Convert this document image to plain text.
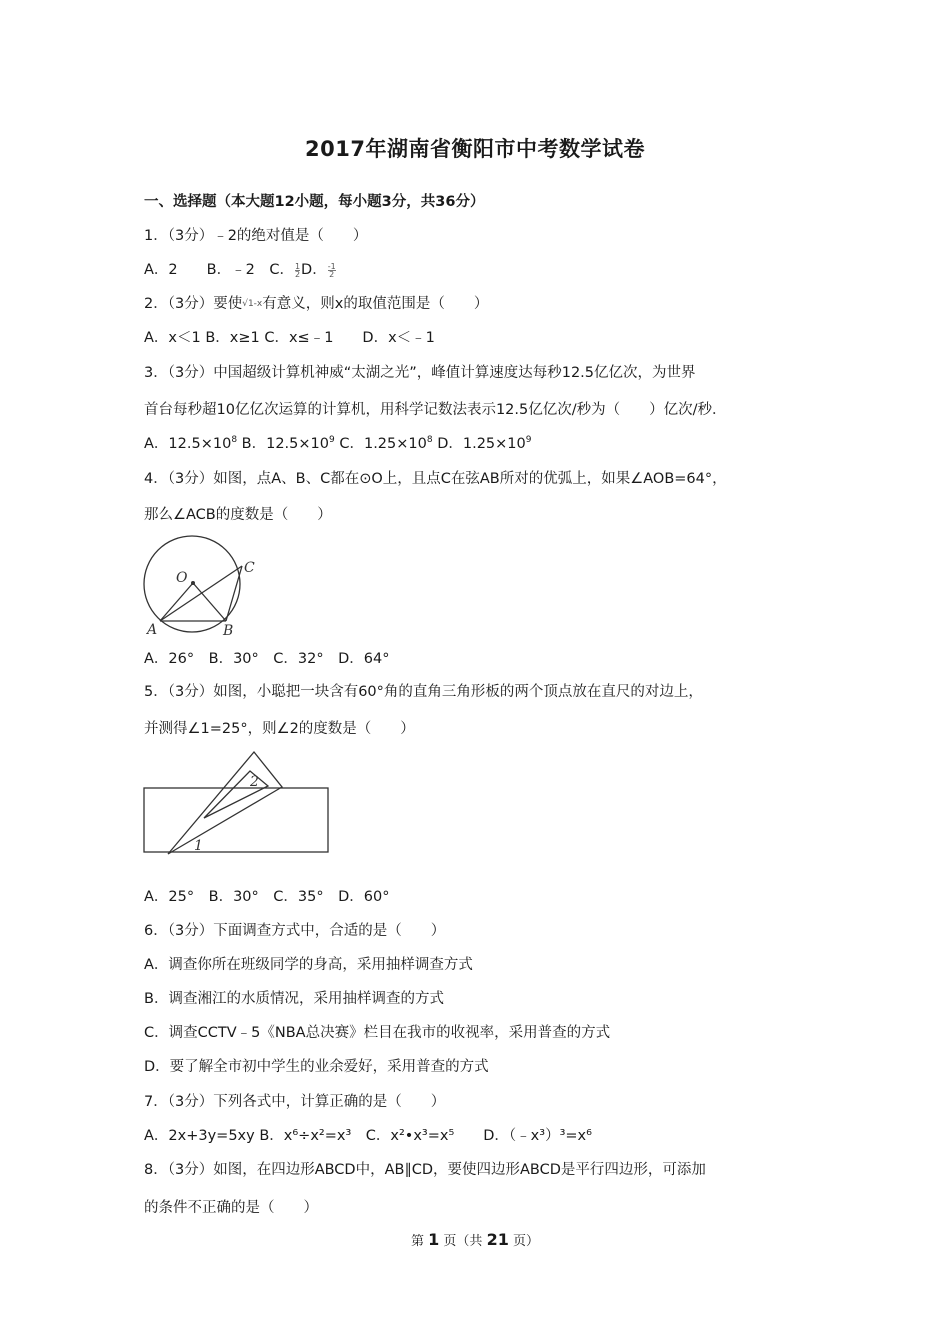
2017年湖南省衡阳市中考数学试卷
一、选择题（本大题12小题，每小题3分，共36分）
1．（3分）﹣2的绝对值是（　　）
A．2　　B．﹣2　C． $\frac{1}{2}$ D． $\frac{-1}{2}$
2．（3分）要使√1-x有意义，则x的取值范围是（　　）
A．x＜1 B．x≥1 C．x≤﹣1　　D．x＜﹣1
3．（3分）中国超级计算机神威“太湖之光”，峰值计算速度达每秒12.5亿亿次，为世界
首台每秒超10亿亿次运算的计算机，用科学记数法表示12.5亿亿次/秒为（　　）亿次/秒．
A．$12.5\times 10^8$ B．$12.5\times 10^9$ C．$1.25\times 10^8$ D．$1.25\times 10^9$
4．（3分）如图，点A、B、C都在⊙O上，且点C在弦AB所对的优弧上，如果∠AOB=64°，
那么∠ACB的度数是（　　）
O
A	B
C
A．26°　B．30°　C．32°　D．64°
5．（3分）如图，小聪把一块含有60°角的直角三角形板的两个顶点放在直尺的对边上，
并测得∠1=25°，则∠2的度数是（　　）
1
2
A．25°　B．30°　C．35°　D．60°
6．（3分）下面调查方式中，合适的是（　　）
A．调查你所在班级同学的身高，采用抽样调查方式
B．调查湘江的水质情况，采用抽样调查的方式
C．调查CCTV﹣5《NBA总决赛》栏目在我市的收视率，采用普查的方式
D．要了解全市初中学生的业余爱好，采用普查的方式
7．（3分）下列各式中，计算正确的是（　　）
A．2x+3y=5xy B．x⁶÷x²=x³　C．x²•x³=x⁵　　D．（﹣x³）³=x⁶
8．（3分）如图，在四边形ABCD中，AB∥CD，要使四边形ABCD是平行四边形，可添加
的条件不正确的是（　　）
第 1 页（共 21 页）
